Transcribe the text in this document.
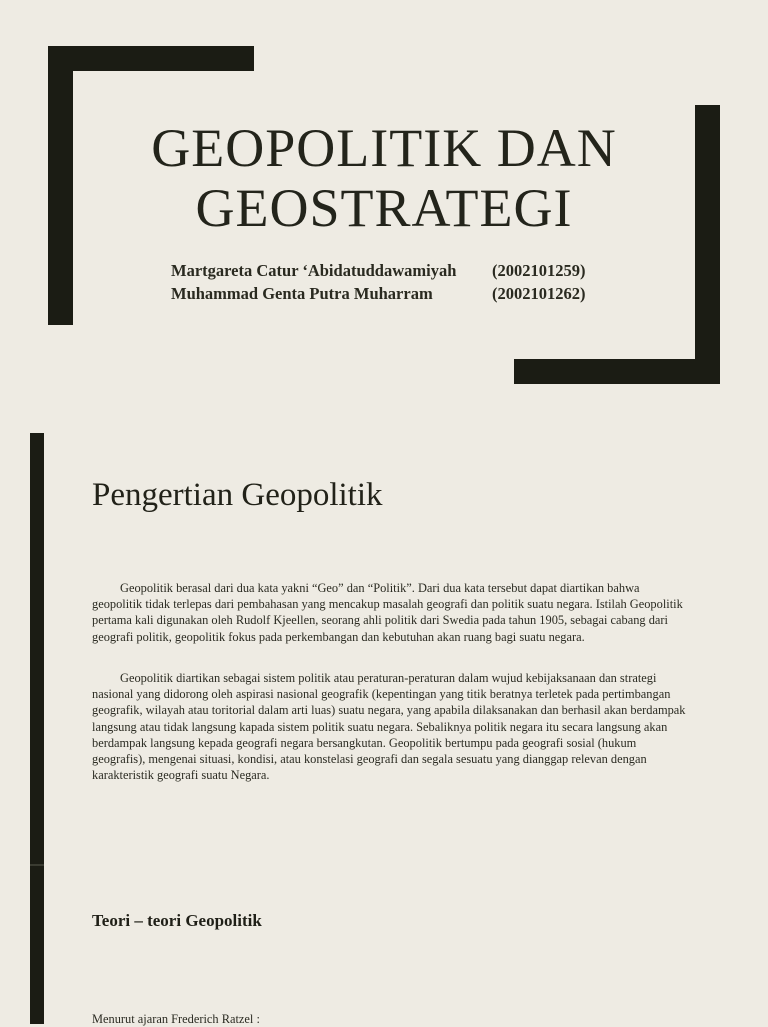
GEOPOLITIK DAN
GEOSTRATEGI
Martgareta Catur ‘Abidatuddawamiyah (2002101259)
Muhammad Genta Putra Muharram	(2002101262)
Pengertian Geopolitik

Geopolitik berasal dari dua kata yakni “Geo” dan “Politik”. Dari dua kata tersebut dapat diartikan bahwa geopolitik tidak terlepas dari pembahasan yang mencakup masalah geografi dan politik suatu negara. Istilah Geopolitik pertama kali digunakan oleh Rudolf Kjeellen, seorang ahli politik dari Swedia pada tahun 1905, sebagai cabang dari geografi politik, geopolitik fokus pada perkembangan dan kebutuhan akan ruang bagi suatu negara.

Geopolitik diartikan sebagai sistem politik atau peraturan-peraturan dalam wujud kebijaksanaan dan strategi nasional yang didorong oleh aspirasi nasional geografik (kepentingan yang titik beratnya terletek pada pertimbangan geografik, wilayah atau toritorial dalam arti luas) suatu negara, yang apabila dilaksanakan dan berhasil akan berdampak langsung atau tidak langsung kapada sistem politik suatu negara. Sebaliknya politik negara itu secara langsung akan berdampak langsung kepada geografi negara bersangkutan. Geopolitik bertumpu pada geografi sosial (hukum geografis), mengenai situasi, kondisi, atau konstelasi geografi dan segala sesuatu yang dianggap relevan dengan karakteristik geografi suatu Negara.

Teori – teori Geopolitik
Menurut ajaran Frederich Ratzel :
